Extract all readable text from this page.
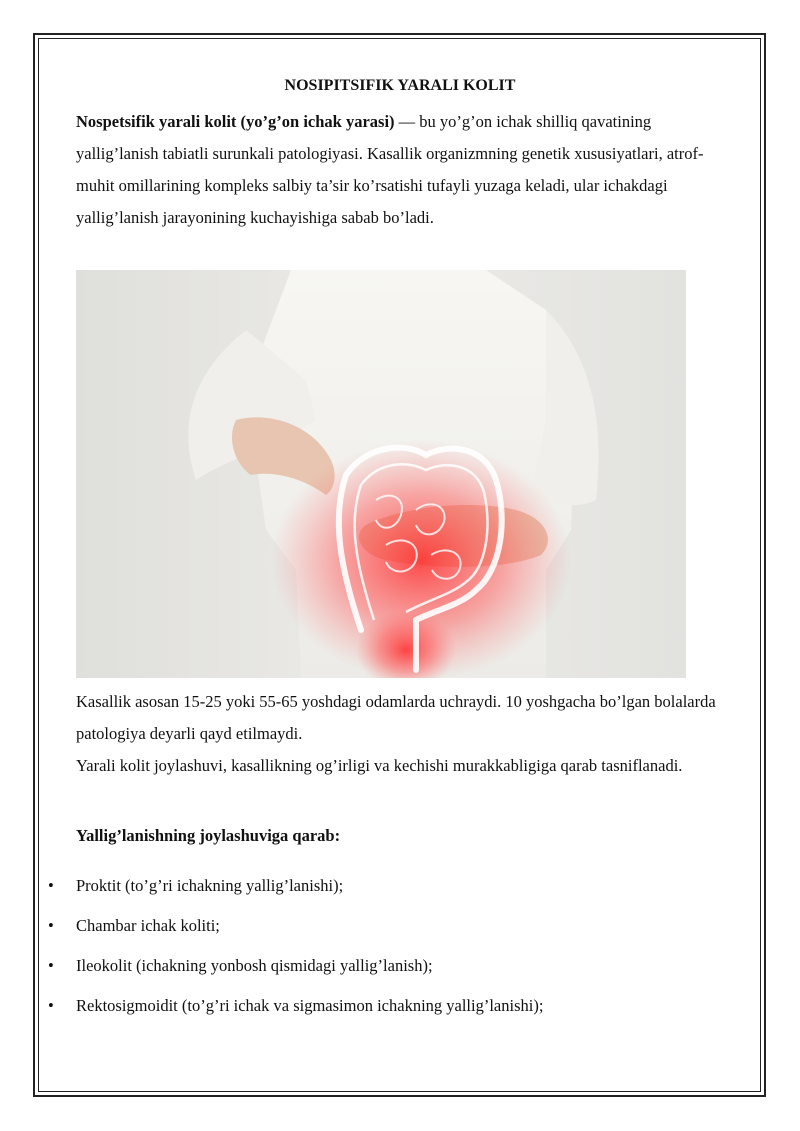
NOSIPITSIFIK YARALI KOLIT

Nospetsifik yarali kolit (yo’g’on ichak yarasi) — bu yo’g’on ichak shilliq qavatining yallig’lanish tabiatli surunkali patologiyasi. Kasallik organizmning genetik xususiyatlari, atrof-muhit omillarining kompleks salbiy ta’sir ko’rsatishi tufayli yuzaga keladi, ular ichakdagi yallig’lanish jarayonining kuchayishiga sabab bo’ladi.

Kasallik asosan 15-25 yoki 55-65 yoshdagi odamlarda uchraydi. 10 yoshgacha bo’lgan bolalarda patologiya deyarli qayd etilmaydi.

Yarali kolit joylashuvi, kasallikning og’irligi va kechishi murakkabligiga qarab tasniflanadi.

Yallig’lanishning joylashuviga qarab:
• Proktit (to’g’ri ichakning yallig’lanishi);
• Chambar ichak koliti;
• Ileokolit (ichakning yonbosh qismidagi yallig’lanish);
• Rektosigmoidit (to’g’ri ichak va sigmasimon ichakning yallig’lanishi);
